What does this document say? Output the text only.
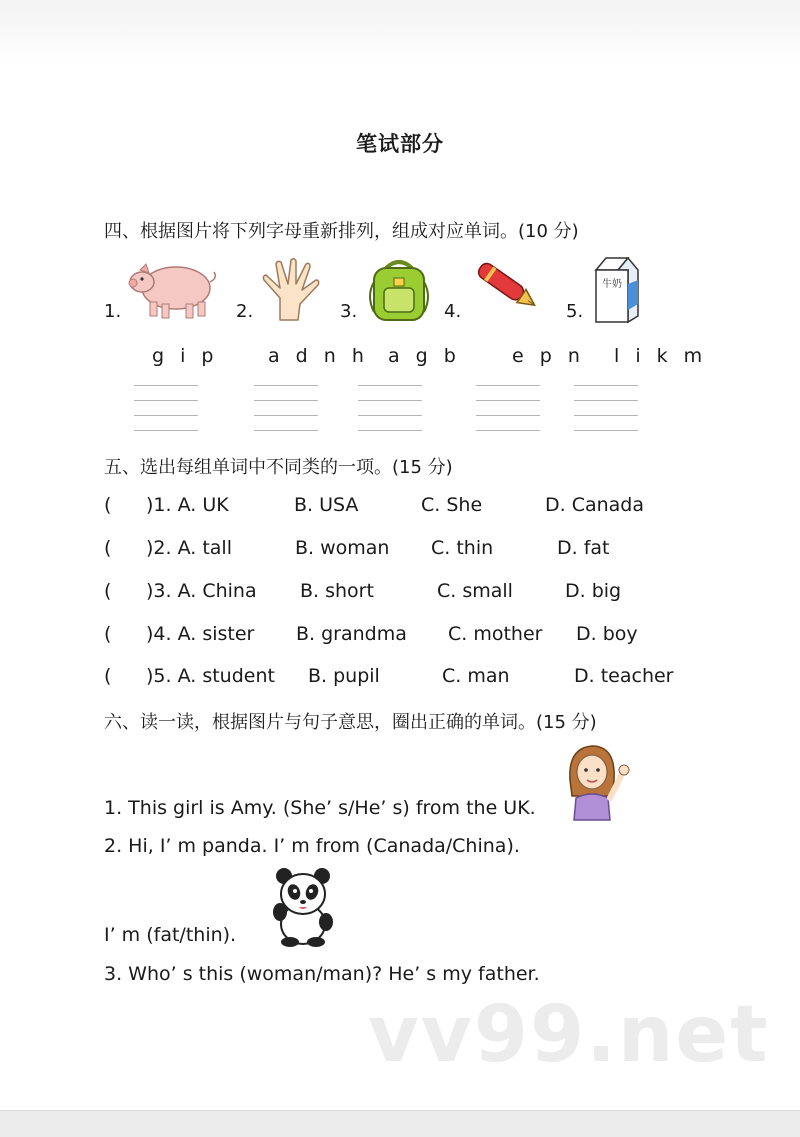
笔试部分
四、根据图片将下列字母重新排列，组成对应单词。(10 分)
1.	2.	3.	4.	5.
牛奶
g i p	a d n h a g b	e p n l i k m
五、选出每组单词中不同类的一项。(15 分)
( )1. A. UK	B. USA	C. She	D. Canada
( )2. A. tall	B. woman C. thin	D. fat
( )3. A. China B. short	C. small	D. big
( )4. A. sister B. grandma C. mother D. boy
( )5. A. student B. pupil	C. man	D. teacher
六、读一读，根据图片与句子意思，圈出正确的单词。(15 分)
1. This girl is Amy. (She’ s/He’ s) from the UK.
2. Hi, I’ m panda. I’ m from (Canada/China).
I’ m (fat/thin).
3. Who’ s this (woman/man)? He’ s my father.
vv99.net
